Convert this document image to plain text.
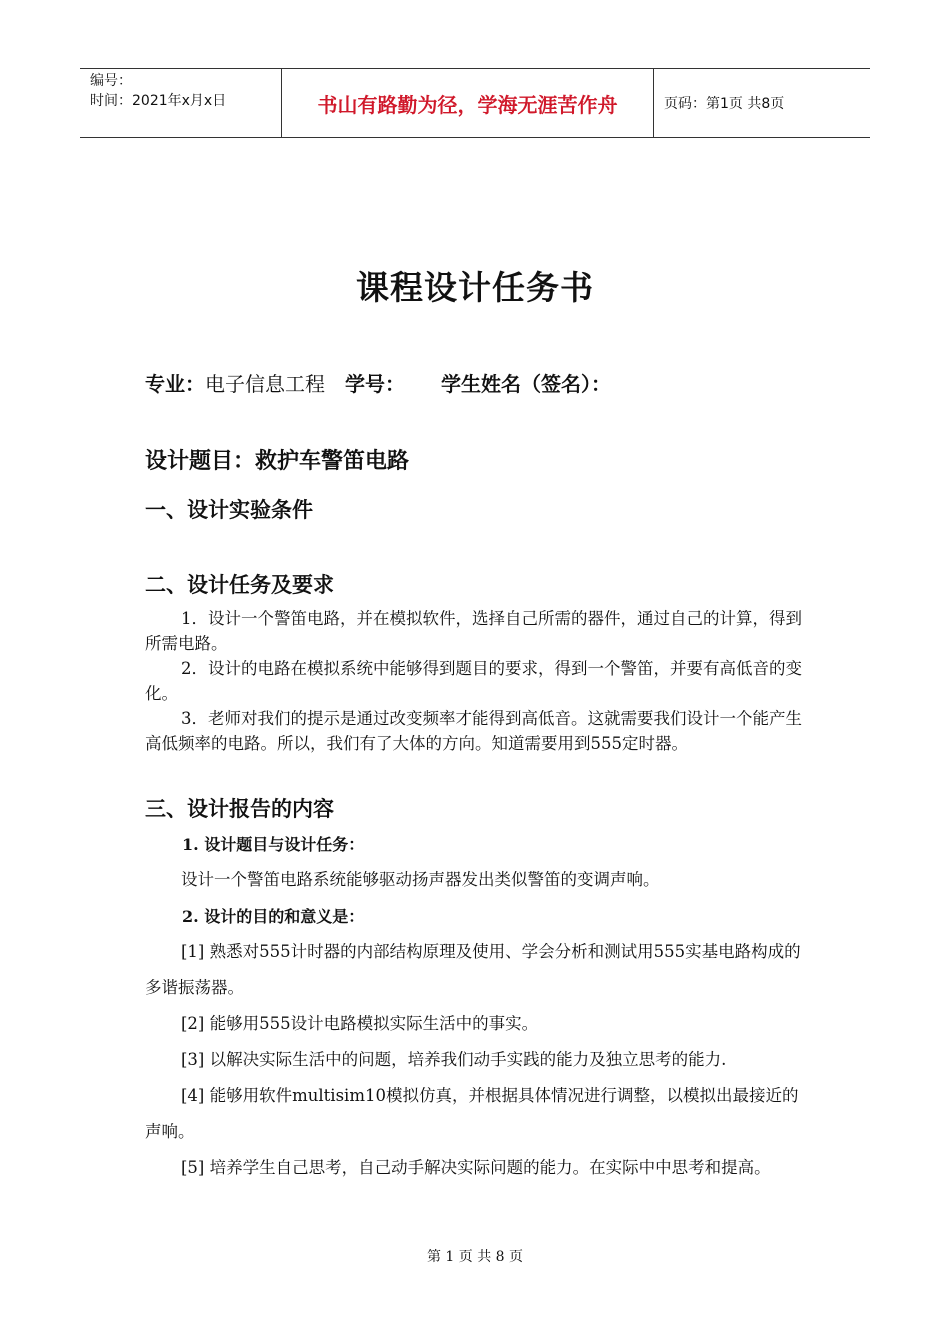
编号：
时间：2021年x月x日	书山有路勤为径，学海无涯苦作舟	页码：第1页 共8页
课程设计任务书
专业：电子信息工程 学号： 学生姓名（签名）：
设计题目：救护车警笛电路
一、设计实验条件
二、设计任务及要求

1．设计一个警笛电路，并在模拟软件，选择自己所需的器件，通过自己的计算，得到所需电路。

2．设计的电路在模拟系统中能够得到题目的要求，得到一个警笛，并要有高低音的变化。

3．老师对我们的提示是通过改变频率才能得到高低音。这就需要我们设计一个能产生高低频率的电路。所以，我们有了大体的方向。知道需要用到555定时器。

三、设计报告的内容
1. 设计题目与设计任务：

设计一个警笛电路系统能够驱动扬声器发出类似警笛的变调声响。

2. 设计的目的和意义是：

[1] 熟悉对555计时器的内部结构原理及使用、学会分析和测试用555实基电路构成的多谐振荡器。

[2] 能够用555设计电路模拟实际生活中的事实。

[3] 以解决实际生活中的问题，培养我们动手实践的能力及独立思考的能力.

[4] 能够用软件multisim10模拟仿真，并根据具体情况进行调整，以模拟出最接近的声响。

[5] 培养学生自己思考，自己动手解决实际问题的能力。在实际中中思考和提高。

第 1 页 共 8 页
